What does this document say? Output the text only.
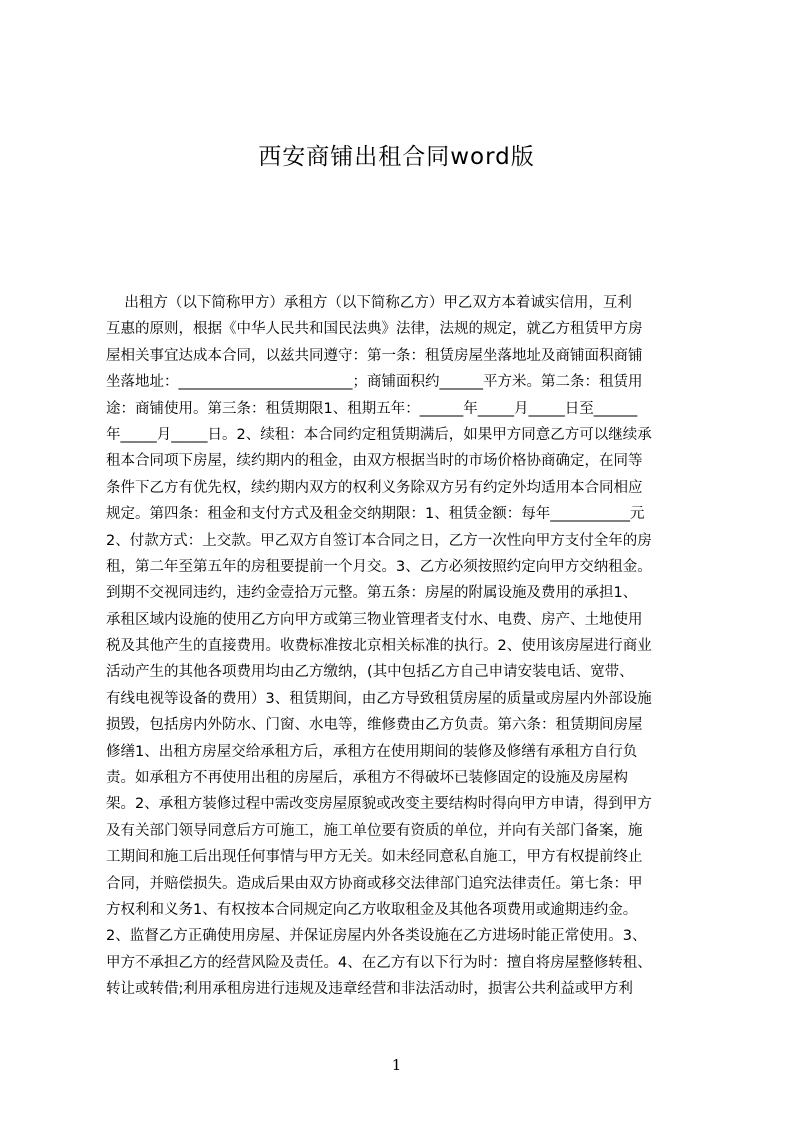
西安商铺出租合同word版
出租方（以下简称甲方）承租方（以下简称乙方）甲乙双方本着诚实信用，互利
互惠的原则，根据《中华人民共和国民法典》法律，法规的规定，就乙方租赁甲方房
屋相关事宜达成本合同，以兹共同遵守：第一条：租赁房屋坐落地址及商铺面积商铺
坐落地址：________________________；商铺面积约______平方米。第二条：租赁用
途：商铺使用。第三条：租赁期限1、租期五年：______年_____月_____日至______
年_____月_____日。2、续租：本合同约定租赁期满后，如果甲方同意乙方可以继续承
租本合同项下房屋，续约期内的租金，由双方根据当时的市场价格协商确定，在同等
条件下乙方有优先权，续约期内双方的权利义务除双方另有约定外均适用本合同相应
规定。第四条：租金和支付方式及租金交纳期限：1、租赁金额：每年___________元
2、付款方式：上交款。甲乙双方自签订本合同之日，乙方一次性向甲方支付全年的房
租，第二年至第五年的房租要提前一个月交。3、乙方必须按照约定向甲方交纳租金。
到期不交视同违约，违约金壹拾万元整。第五条：房屋的附属设施及费用的承担1、
承租区域内设施的使用乙方向甲方或第三物业管理者支付水、电费、房产、土地使用
税及其他产生的直接费用。收费标准按北京相关标准的执行。2、使用该房屋进行商业
活动产生的其他各项费用均由乙方缴纳，(其中包括乙方自己申请安装电话、宽带、
有线电视等设备的费用）3、租赁期间，由乙方导致租赁房屋的质量或房屋内外部设施
损毁，包括房内外防水、门窗、水电等，维修费由乙方负责。第六条：租赁期间房屋
修缮1、出租方房屋交给承租方后，承租方在使用期间的装修及修缮有承租方自行负
责。如承租方不再使用出租的房屋后，承租方不得破坏已装修固定的设施及房屋构
架。2、承租方装修过程中需改变房屋原貌或改变主要结构时得向甲方申请，得到甲方
及有关部门领导同意后方可施工，施工单位要有资质的单位，并向有关部门备案，施
工期间和施工后出现任何事情与甲方无关。如未经同意私自施工，甲方有权提前终止
合同，并赔偿损失。造成后果由双方协商或移交法律部门追究法律责任。第七条：甲
方权利和义务1、有权按本合同规定向乙方收取租金及其他各项费用或逾期违约金。
2、监督乙方正确使用房屋、并保证房屋内外各类设施在乙方进场时能正常使用。3、
甲方不承担乙方的经营风险及责任。4、在乙方有以下行为时：擅自将房屋整修转租、
转让或转借;利用承租房进行违规及违章经营和非法活动时，损害公共利益或甲方利
1
